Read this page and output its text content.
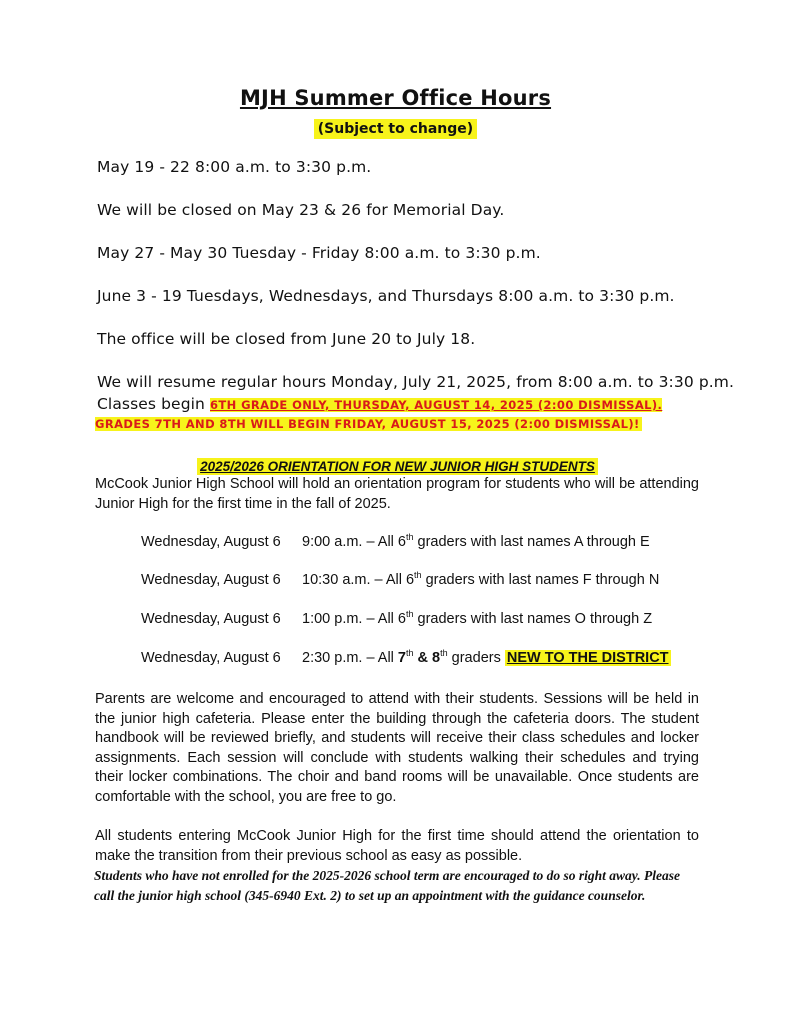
MJH Summer Office Hours
(Subject to change)
May 19 - 22 8:00 a.m. to 3:30 p.m.
We will be closed on May 23 & 26 for Memorial Day.
May 27 - May 30 Tuesday - Friday 8:00 a.m. to 3:30 p.m.
June 3 - 19 Tuesdays, Wednesdays, and Thursdays 8:00 a.m. to 3:30 p.m.
The office will be closed from June 20 to July 18.
We will resume regular hours Monday, July 21, 2025, from 8:00 a.m. to 3:30 p.m.
Classes begin 6TH GRADE ONLY, THURSDAY, AUGUST 14, 2025 (2:00 DISMISSAL).
GRADES 7TH AND 8TH WILL BEGIN FRIDAY, AUGUST 15, 2025 (2:00 DISMISSAL)!
2025/2026 ORIENTATION FOR NEW JUNIOR HIGH STUDENTS
McCook Junior High School will hold an orientation program for students who will be attending Junior High for the first time in the fall of 2025.
Wednesday, August 6 9:00 a.m. – All 6th graders with last names A through E
Wednesday, August 6 10:30 a.m. – All 6th graders with last names F through N
Wednesday, August 6 1:00 p.m. – All 6th graders with last names O through Z
Wednesday, August 6 2:30 p.m. – All 7th & 8th graders NEW TO THE DISTRICT
Parents are welcome and encouraged to attend with their students. Sessions will be held in the junior high cafeteria. Please enter the building through the cafeteria doors. The student handbook will be reviewed briefly, and students will receive their class schedules and locker assignments. Each session will conclude with students walking their schedules and trying their locker combinations. The choir and band rooms will be unavailable. Once students are comfortable with the school, you are free to go.
All students entering McCook Junior High for the first time should attend the orientation to make the transition from their previous school as easy as possible.
Students who have not enrolled for the 2025-2026 school term are encouraged to do so right away. Please call the junior high school (345-6940 Ext. 2) to set up an appointment with the guidance counselor.
